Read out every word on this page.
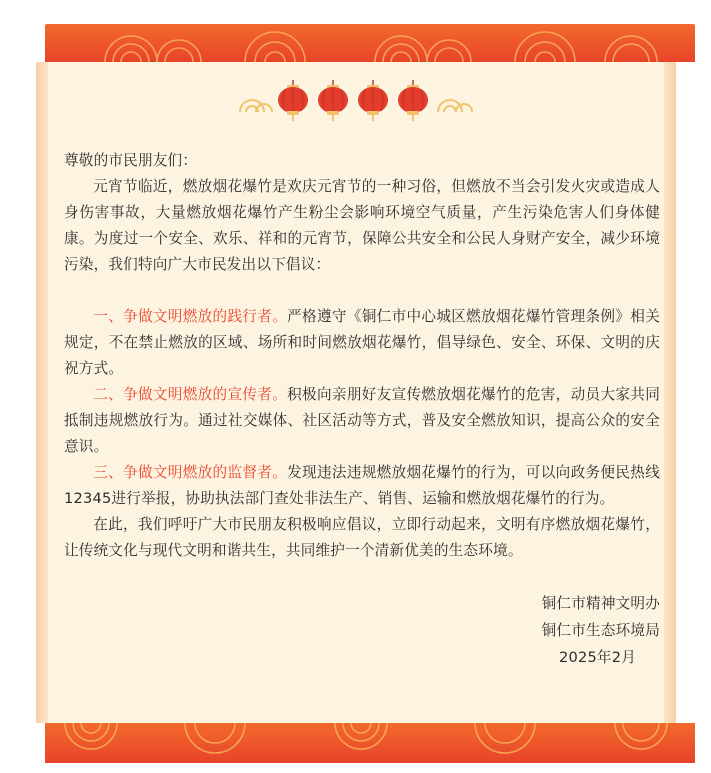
尊敬的市民朋友们：

元宵节临近，燃放烟花爆竹是欢庆元宵节的一种习俗，但燃放不当会引发火灾或造成人身伤害事故，大量燃放烟花爆竹产生粉尘会影响环境空气质量，产生污染危害人们身体健康。为度过一个安全、欢乐、祥和的元宵节，保障公共安全和公民人身财产安全，减少环境污染，我们特向广大市民发出以下倡议：

一、争做文明燃放的践行者。严格遵守《铜仁市中心城区燃放烟花爆竹管理条例》相关规定，不在禁止燃放的区域、场所和时间燃放烟花爆竹，倡导绿色、安全、环保、文明的庆祝方式。

二、争做文明燃放的宣传者。积极向亲朋好友宣传燃放烟花爆竹的危害，动员大家共同抵制违规燃放行为。通过社交媒体、社区活动等方式，普及安全燃放知识，提高公众的安全意识。

三、争做文明燃放的监督者。发现违法违规燃放烟花爆竹的行为，可以向政务便民热线12345进行举报，协助执法部门查处非法生产、销售、运输和燃放烟花爆竹的行为。

在此，我们呼吁广大市民朋友积极响应倡议，立即行动起来，文明有序燃放烟花爆竹，让传统文化与现代文明和谐共生，共同维护一个清新优美的生态环境。

铜仁市精神文明办
铜仁市生态环境局
2025年2月
